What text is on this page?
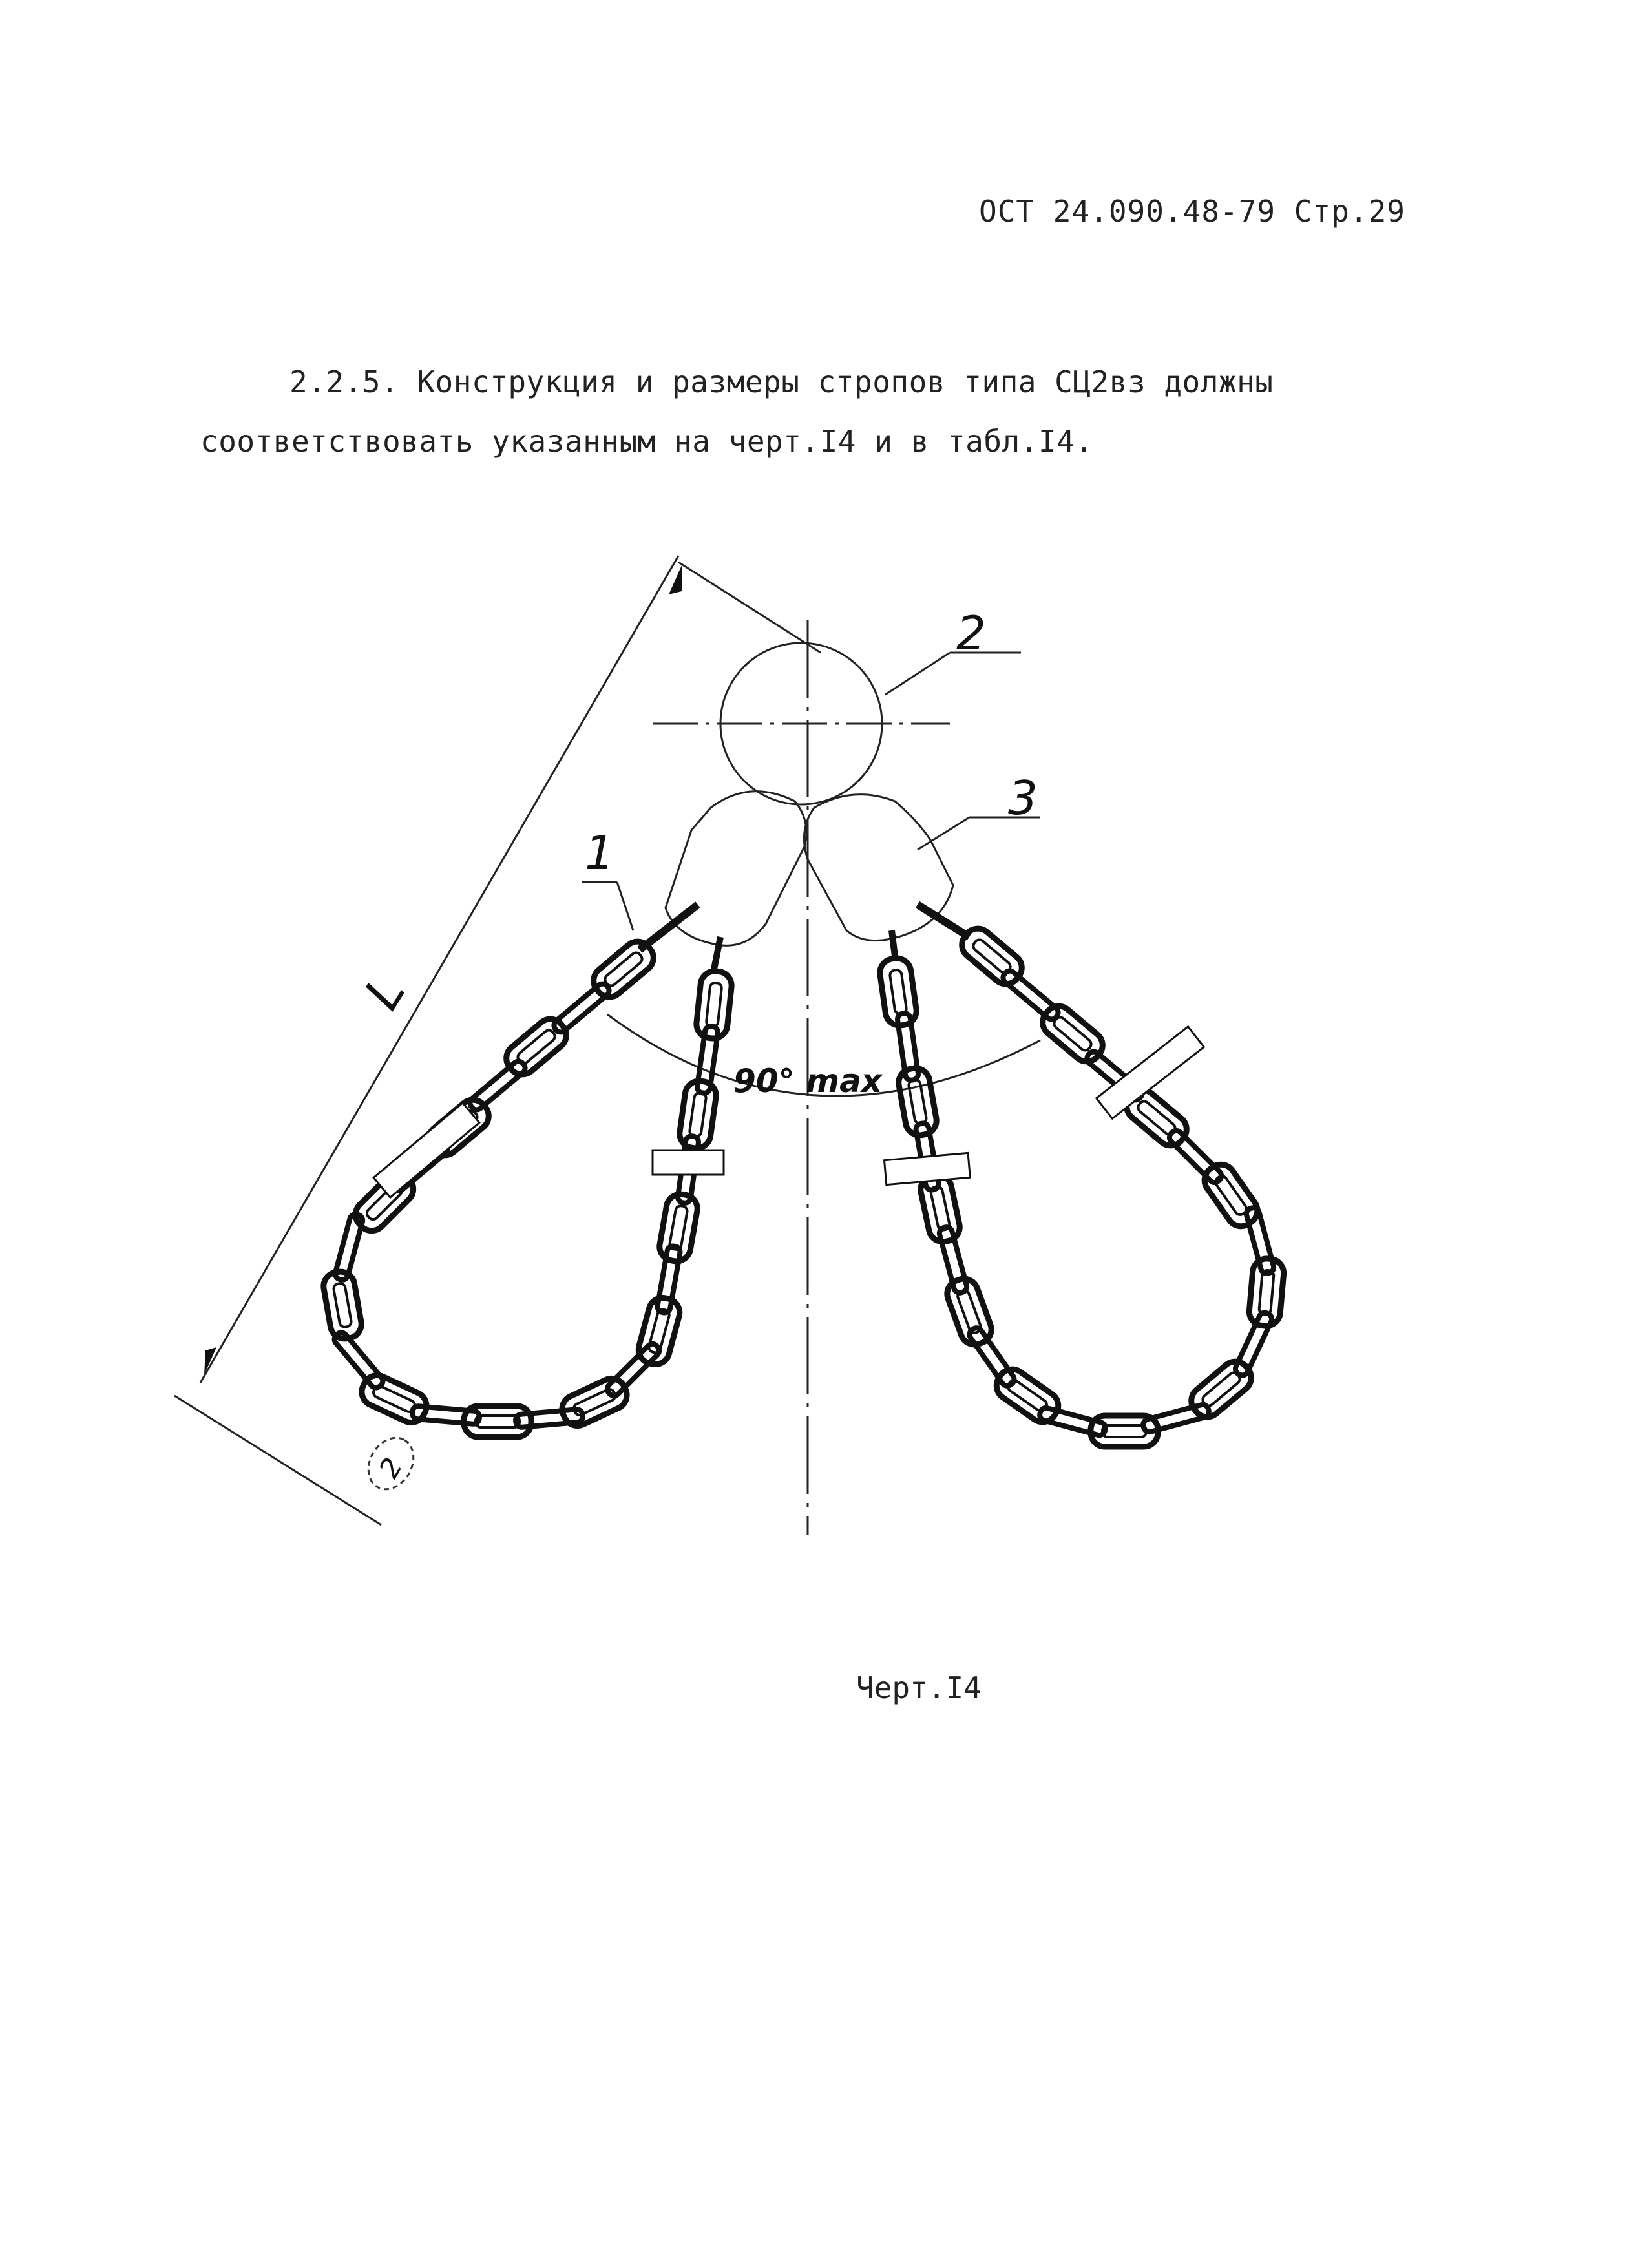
ОСТ 24.090.48-79 Стр.29
2.2.5. Конструкция и размеры стропов типа СЦ2вз должны соответствовать указанным на черт.I4 и в табл.I4.
1
2
3
L
90° max
2
Черт.I4
